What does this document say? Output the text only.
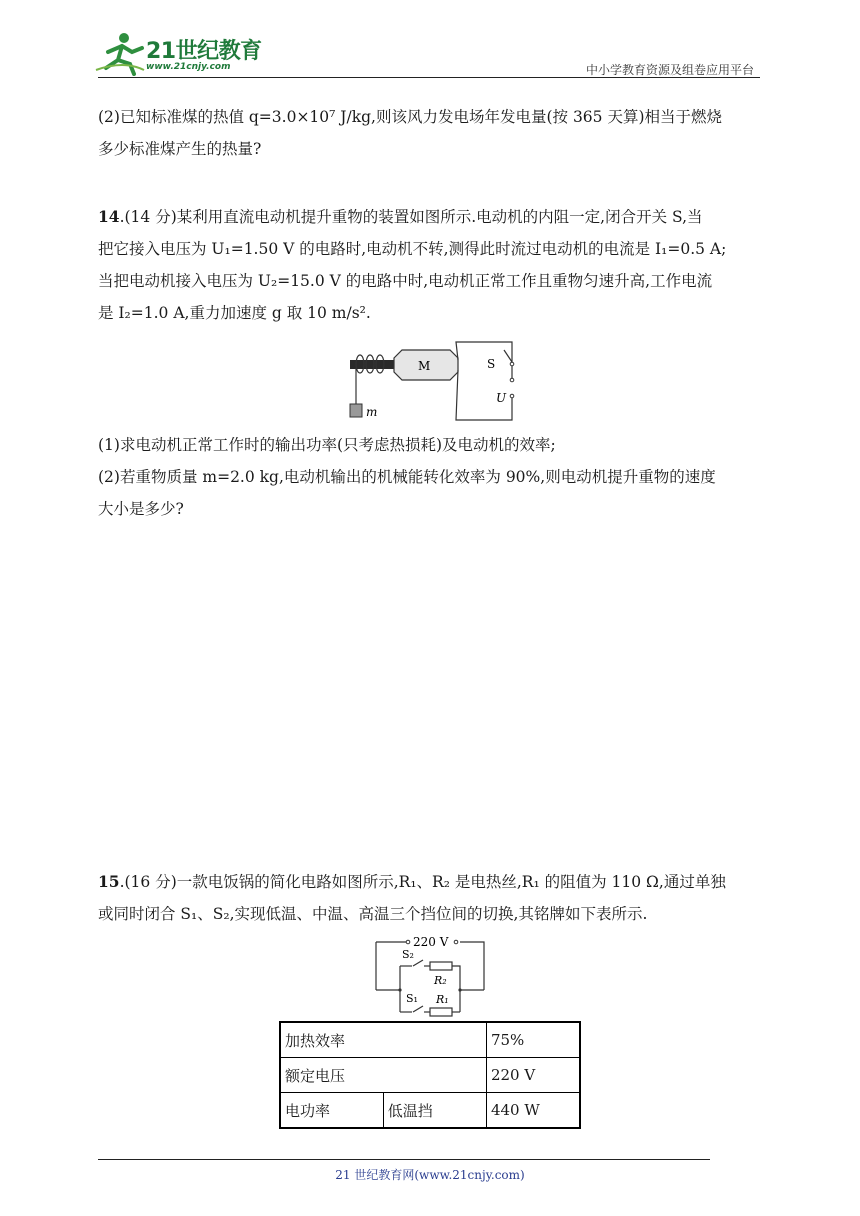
21世纪教育
www.21cnjy.com	中小学教育资源及组卷应用平台

(2)已知标准煤的热值 q=3.0×10⁷ J/kg,则该风力发电场年发电量(按 365 天算)相当于燃烧

多少标准煤产生的热量?

14.(14 分)某利用直流电动机提升重物的装置如图所示.电动机的内阻一定,闭合开关 S,当

把它接入电压为 U₁=1.50 V 的电路时,电动机不转,测得此时流过电动机的电流是 I₁=0.5 A;

当把电动机接入电压为 U₂=15.0 V 的电路中时,电动机正常工作且重物匀速升高,工作电流

是 I₂=1.0 A,重力加速度 g 取 10 m/s².

m
M	S
U

(1)求电动机正常工作时的输出功率(只考虑热损耗)及电动机的效率;

(2)若重物质量 m=2.0 kg,电动机输出的机械能转化效率为 90%,则电动机提升重物的速度

大小是多少?

15.(16 分)一款电饭锅的简化电路如图所示,R₁、R₂ 是电热丝,R₁ 的阻值为 110 Ω,通过单独

或同时闭合 S₁、S₂,实现低温、中温、高温三个挡位间的切换,其铭牌如下表所示.

220 V
S₂
R₂
S₁ R₁
加热效率		75%
额定电压		220 V
电功率	低温挡	440 W
21 世纪教育网(www.21cnjy.com)
